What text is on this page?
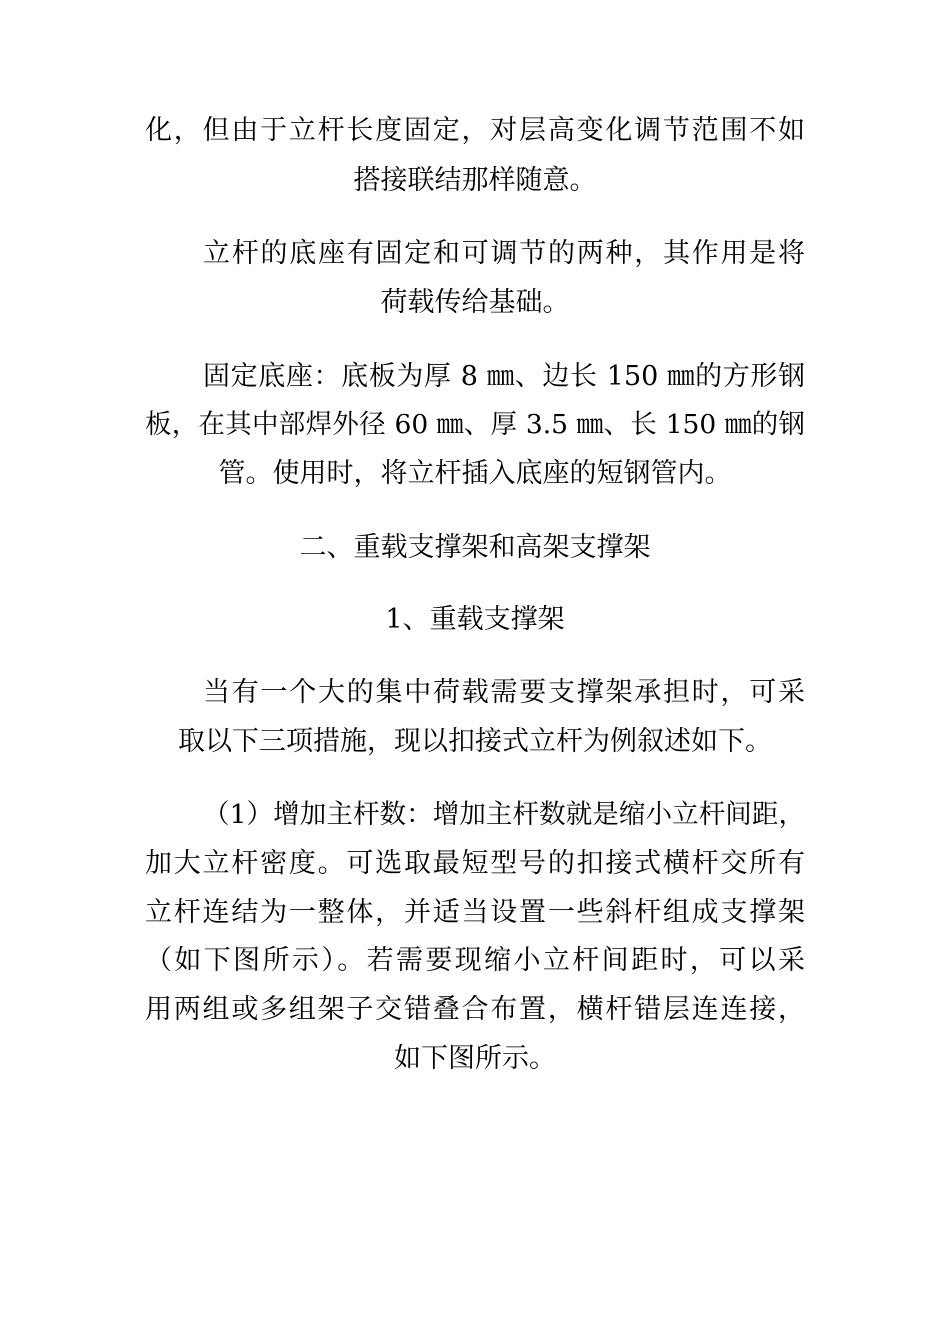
化，但由于立杆长度固定，对层高变化调节范围不如
搭接联结那样随意。
立杆的底座有固定和可调节的两种，其作用是将
荷载传给基础。
固定底座：底板为厚 8 ㎜、边长 150 ㎜的方形钢
板，在其中部焊外径 60 ㎜、厚 3.5 ㎜、长 150 ㎜的钢
管。使用时，将立杆插入底座的短钢管内。
二、重载支撑架和高架支撑架
1、重载支撑架
当有一个大的集中荷载需要支撑架承担时，可采
取以下三项措施，现以扣接式立杆为例叙述如下。
（1）增加主杆数：增加主杆数就是缩小立杆间距，
加大立杆密度。可选取最短型号的扣接式横杆交所有
立杆连结为一整体，并适当设置一些斜杆组成支撑架
（如下图所示）。若需要现缩小立杆间距时，可以采
用两组或多组架子交错叠合布置，横杆错层连连接，
如下图所示。
